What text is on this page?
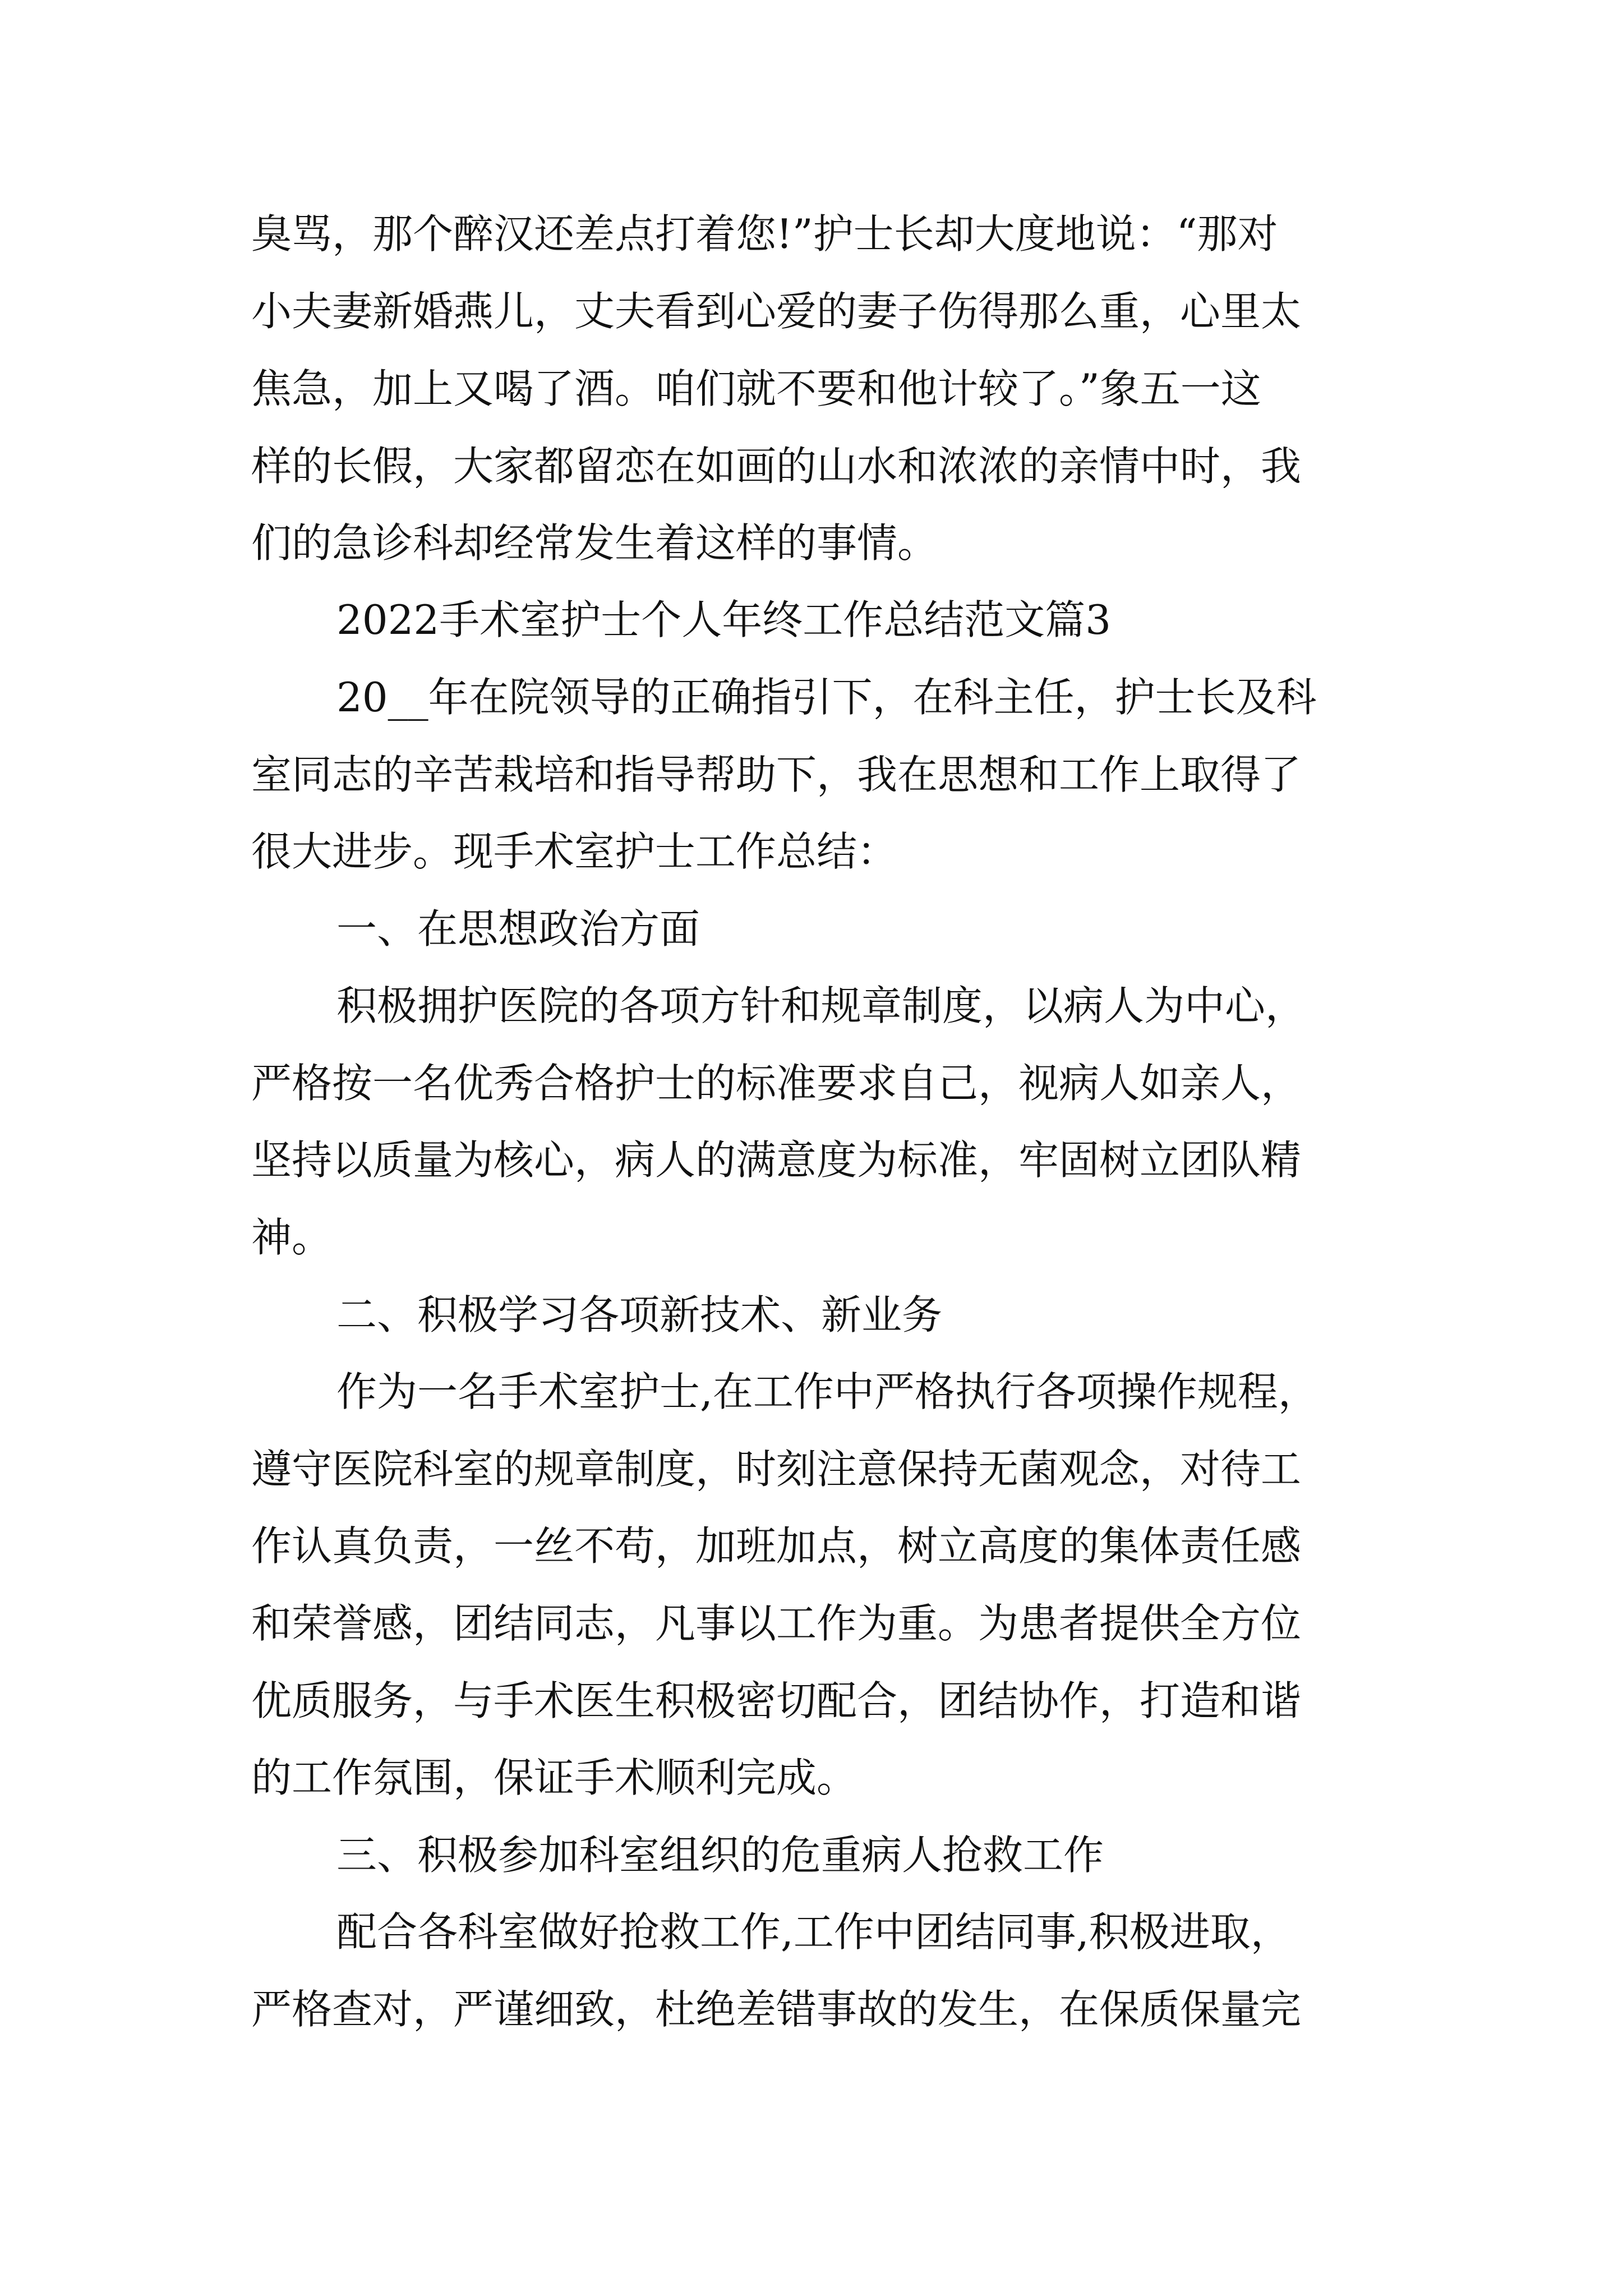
臭骂，那个醉汉还差点打着您!”护士长却大度地说：“那对

小夫妻新婚燕儿，丈夫看到心爱的妻子伤得那么重，心里太

焦急，加上又喝了酒。咱们就不要和他计较了。”象五一这

样的长假，大家都留恋在如画的山水和浓浓的亲情中时，我

们的急诊科却经常发生着这样的事情。

2022手术室护士个人年终工作总结范文篇3

20__年在院领导的正确指引下，在科主任，护士长及科

室同志的辛苦栽培和指导帮助下，我在思想和工作上取得了

很大进步。现手术室护士工作总结：

一、在思想政治方面

积极拥护医院的各项方针和规章制度，以病人为中心，

严格按一名优秀合格护士的标准要求自己，视病人如亲人，

坚持以质量为核心，病人的满意度为标准，牢固树立团队精

神。

二、积极学习各项新技术、新业务

作为一名手术室护士,在工作中严格执行各项操作规程，

遵守医院科室的规章制度，时刻注意保持无菌观念，对待工

作认真负责，一丝不苟，加班加点，树立高度的集体责任感

和荣誉感，团结同志，凡事以工作为重。为患者提供全方位

优质服务，与手术医生积极密切配合，团结协作，打造和谐

的工作氛围，保证手术顺利完成。

三、积极参加科室组织的危重病人抢救工作

配合各科室做好抢救工作,工作中团结同事,积极进取，

严格查对，严谨细致，杜绝差错事故的发生，在保质保量完
